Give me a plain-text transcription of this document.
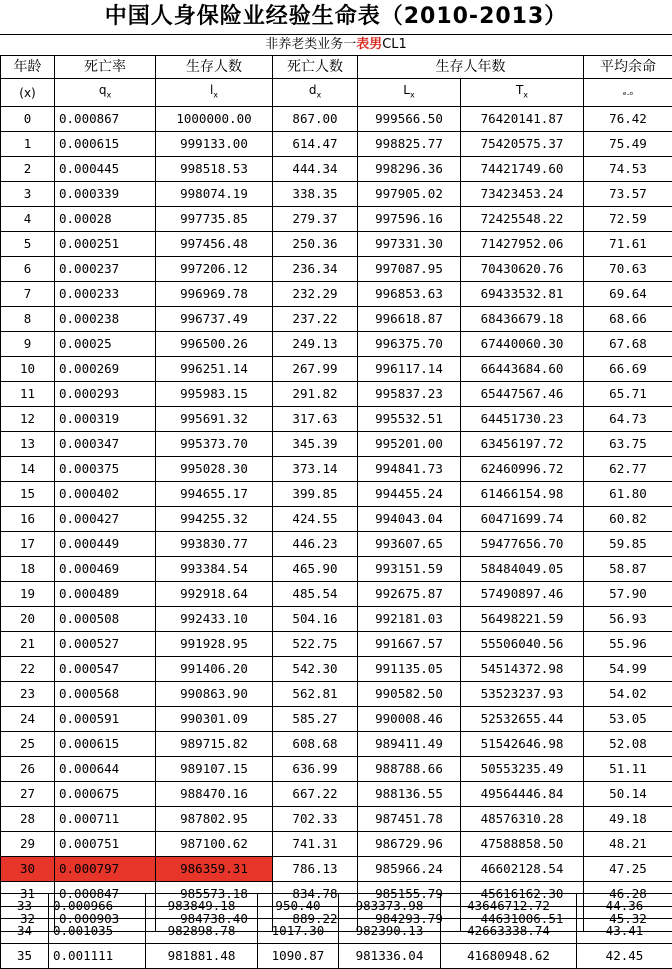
中国人身保险业经验生命表（2010-2013）
非养老类业务一表男CL1
年龄	死亡率	生存人数	死亡人数	生存人年数		平均余命
(x)	$q_x$	$l_x$	$d_x$	$L_x$	$T_x$	ₑ.ₒ
0	0.000867	1000000.00	867.00	999566.50	76420141.87	76.42
1	0.000615	999133.00	614.47	998825.77	75420575.37	75.49
2	0.000445	998518.53	444.34	998296.36	74421749.60	74.53
3	0.000339	998074.19	338.35	997905.02	73423453.24	73.57
4	0.00028	997735.85	279.37	997596.16	72425548.22	72.59
5	0.000251	997456.48	250.36	997331.30	71427952.06	71.61
6	0.000237	997206.12	236.34	997087.95	70430620.76	70.63
7	0.000233	996969.78	232.29	996853.63	69433532.81	69.64
8	0.000238	996737.49	237.22	996618.87	68436679.18	68.66
9	0.00025	996500.26	249.13	996375.70	67440060.30	67.68
10	0.000269	996251.14	267.99	996117.14	66443684.60	66.69
11	0.000293	995983.15	291.82	995837.23	65447567.46	65.71
12	0.000319	995691.32	317.63	995532.51	64451730.23	64.73
13	0.000347	995373.70	345.39	995201.00	63456197.72	63.75
14	0.000375	995028.30	373.14	994841.73	62460996.72	62.77
15	0.000402	994655.17	399.85	994455.24	61466154.98	61.80
16	0.000427	994255.32	424.55	994043.04	60471699.74	60.82
17	0.000449	993830.77	446.23	993607.65	59477656.70	59.85
18	0.000469	993384.54	465.90	993151.59	58484049.05	58.87
19	0.000489	992918.64	485.54	992675.87	57490897.46	57.90
20	0.000508	992433.10	504.16	992181.03	56498221.59	56.93
21	0.000527	991928.95	522.75	991667.57	55506040.56	55.96
22	0.000547	991406.20	542.30	991135.05	54514372.98	54.99
23	0.000568	990863.90	562.81	990582.50	53523237.93	54.02
24	0.000591	990301.09	585.27	990008.46	52532655.44	53.05
25	0.000615	989715.82	608.68	989411.49	51542646.98	52.08
26	0.000644	989107.15	636.99	988788.66	50553235.49	51.11
27	0.000675	988470.16	667.22	988136.55	49564446.84	50.14
28	0.000711	987802.95	702.33	987451.78	48576310.28	49.18
29	0.000751	987100.62	741.31	986729.96	47588858.50	48.21
30	0.000797	986359.31	786.13	985966.24	46602128.54	47.25
31	0.000847	985573.18	834.78	985155.79	45616162.30	46.28
32	0.000903	984738.40	889.22	984293.79	44631006.51	45.32
33	0.000966	983849.18	950.40	983373.98	43646712.72	44.36
34	0.001035	982898.78	1017.30	982390.13	42663338.74	43.41
35	0.001111	981881.48	1090.87	981336.04	41680948.62	42.45
